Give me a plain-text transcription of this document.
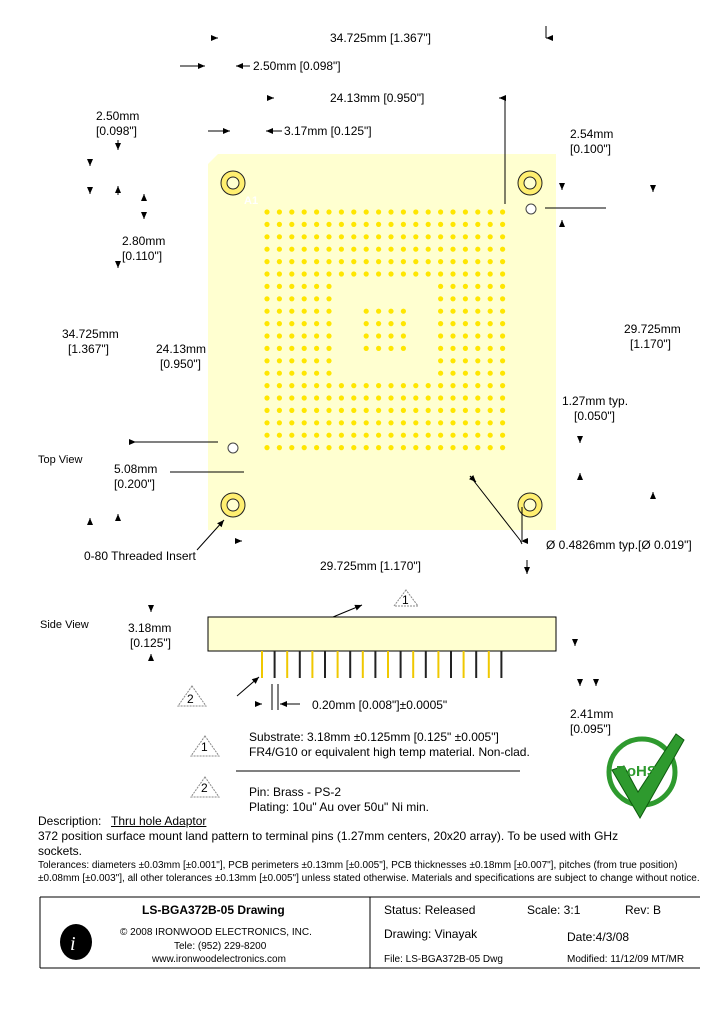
i
34.725mm [1.367"]
2.50mm [0.098"]
24.13mm [0.950"]
2.50mm
[0.098"]	3.17mm [0.125"]	2.54mm
[0.100"]
A1
2.80mm
[0.110"]
34.725mm
[1.367"]	24.13mm
[0.950"]
29.725mm
[1.170"]
1.27mm typ.
[0.050"]
Top View
5.08mm
[0.200"]
0-80 Threaded Insert
Ø 0.4826mm typ.[Ø 0.019"]
29.725mm [1.170"]
Side View	3.18mm
[0.125"]
1
2	0.20mm [0.008"]±0.0005"
2.41mm
[0.095"]
1
Substrate: 3.18mm ±0.125mm [0.125" ±0.005"]
FR4/G10 or equivalent high temp material. Non-clad.
2	Pin: Brass - PS-2
Plating: 10u" Au over 50u" Ni min.
RoHS
Description: Thru hole Adaptor
372 position surface mount land pattern to terminal pins (1.27mm centers, 20x20 array). To be used with GHz
sockets.
Tolerances: diameters ±0.03mm [±0.001"], PCB perimeters ±0.13mm [±0.005"], PCB thicknesses ±0.18mm [±0.007"], pitches (from true position)
±0.08mm [±0.003"], all other tolerances ±0.13mm [±0.005"] unless stated otherwise. Materials and specifications are subject to change without notice.
LS-BGA372B-05 Drawing
© 2008 IRONWOOD ELECTRONICS, INC.
Tele: (952) 229-8200
www.ironwoodelectronics.com
Status: Released	Scale: 3:1	Rev: B
Drawing: Vinayak	Date:4/3/08
File: LS-BGA372B-05 Dwg	Modified: 11/12/09 MT/MR
